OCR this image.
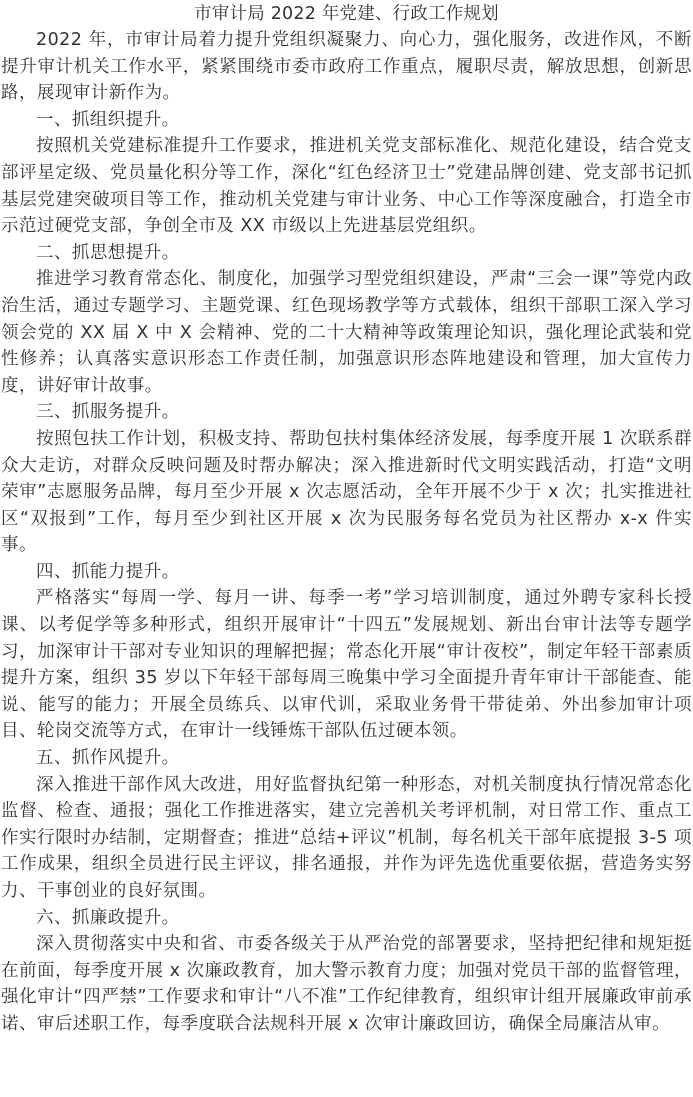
市审计局 2022 年党建、行政工作规划

2022 年，市审计局着力提升党组织凝聚力、向心力，强化服务，改进作风，不断提升审计机关工作水平，紧紧围绕市委市政府工作重点，履职尽责，解放思想，创新思路，展现审计新作为。

一、抓组织提升。

按照机关党建标准提升工作要求，推进机关党支部标准化、规范化建设，结合党支部评星定级、党员量化积分等工作，深化“红色经济卫士”党建品牌创建、党支部书记抓基层党建突破项目等工作，推动机关党建与审计业务、中心工作等深度融合，打造全市示范过硬党支部，争创全市及 XX 市级以上先进基层党组织。

二、抓思想提升。

推进学习教育常态化、制度化，加强学习型党组织建设，严肃“三会一课”等党内政治生活，通过专题学习、主题党课、红色现场教学等方式载体，组织干部职工深入学习领会党的 XX 届 X 中 X 会精神、党的二十大精神等政策理论知识，强化理论武装和党性修养；认真落实意识形态工作责任制，加强意识形态阵地建设和管理，加大宣传力度，讲好审计故事。

三、抓服务提升。

按照包扶工作计划，积极支持、帮助包扶村集体经济发展，每季度开展 1 次联系群众大走访，对群众反映问题及时帮办解决；深入推进新时代文明实践活动，打造“文明荣审”志愿服务品牌，每月至少开展 x 次志愿活动，全年开展不少于 x 次；扎实推进社区“双报到”工作，每月至少到社区开展 x 次为民服务每名党员为社区帮办 x-x 件实事。

四、抓能力提升。

严格落实“每周一学、每月一讲、每季一考”学习培训制度，通过外聘专家科长授课、以考促学等多种形式，组织开展审计“十四五”发展规划、新出台审计法等专题学习，加深审计干部对专业知识的理解把握；常态化开展“审计夜校”，制定年轻干部素质提升方案，组织 35 岁以下年轻干部每周三晚集中学习全面提升青年审计干部能查、能说、能写的能力；开展全员练兵、以审代训，采取业务骨干带徒弟、外出参加审计项目、轮岗交流等方式，在审计一线锤炼干部队伍过硬本领。

五、抓作风提升。

深入推进干部作风大改进，用好监督执纪第一种形态，对机关制度执行情况常态化监督、检查、通报；强化工作推进落实，建立完善机关考评机制，对日常工作、重点工作实行限时办结制，定期督查；推进“总结+评议”机制，每名机关干部年底提报 3-5 项工作成果，组织全员进行民主评议，排名通报，并作为评先选优重要依据，营造务实努力、干事创业的良好氛围。

六、抓廉政提升。

深入贯彻落实中央和省、市委各级关于从严治党的部署要求，坚持把纪律和规矩挺在前面，每季度开展 x 次廉政教育，加大警示教育力度；加强对党员干部的监督管理，强化审计“四严禁”工作要求和审计“八不准”工作纪律教育，组织审计组开展廉政审前承诺、审后述职工作，每季度联合法规科开展 x 次审计廉政回访，确保全局廉洁从审。
